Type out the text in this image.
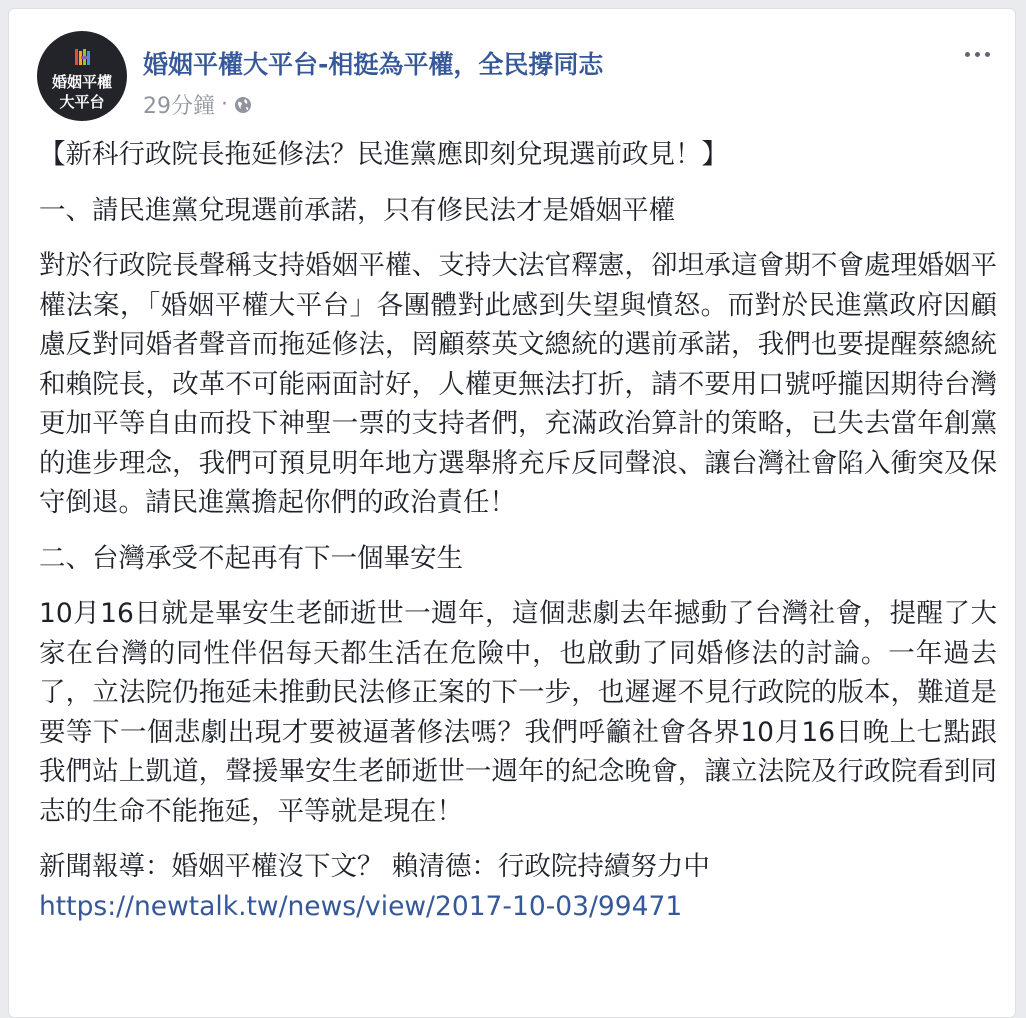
婚姻平權
大平台
婚姻平權大平台-相挺為平權，全民撐同志
29分鐘 ·

【新科行政院長拖延修法？民進黨應即刻兌現選前政見！】

一、請民進黨兌現選前承諾，只有修民法才是婚姻平權

對於行政院長聲稱支持婚姻平權、支持大法官釋憲，卻坦承這會期不會處理婚姻平權法案，「婚姻平權大平台」各團體對此感到失望與憤怒。而對於民進黨政府因顧慮反對同婚者聲音而拖延修法，罔顧蔡英文總統的選前承諾，我們也要提醒蔡總統和賴院長，改革不可能兩面討好，人權更無法打折，請不要用口號呼攏因期待台灣更加平等自由而投下神聖一票的支持者們，充滿政治算計的策略，已失去當年創黨的進步理念，我們可預見明年地方選舉將充斥反同聲浪、讓台灣社會陷入衝突及保守倒退。請民進黨擔起你們的政治責任！

二、台灣承受不起再有下一個畢安生

10月16日就是畢安生老師逝世一週年，這個悲劇去年撼動了台灣社會，提醒了大家在台灣的同性伴侶每天都生活在危險中，也啟動了同婚修法的討論。一年過去了，立法院仍拖延未推動民法修正案的下一步，也遲遲不見行政院的版本，難道是要等下一個悲劇出現才要被逼著修法嗎？我們呼籲社會各界10月16日晚上七點跟我們站上凱道，聲援畢安生老師逝世一週年的紀念晚會，讓立法院及行政院看到同志的生命不能拖延，平等就是現在！

新聞報導：婚姻平權沒下文？ 賴清德：行政院持續努力中

https://newtalk.tw/news/view/2017-10-03/99471
